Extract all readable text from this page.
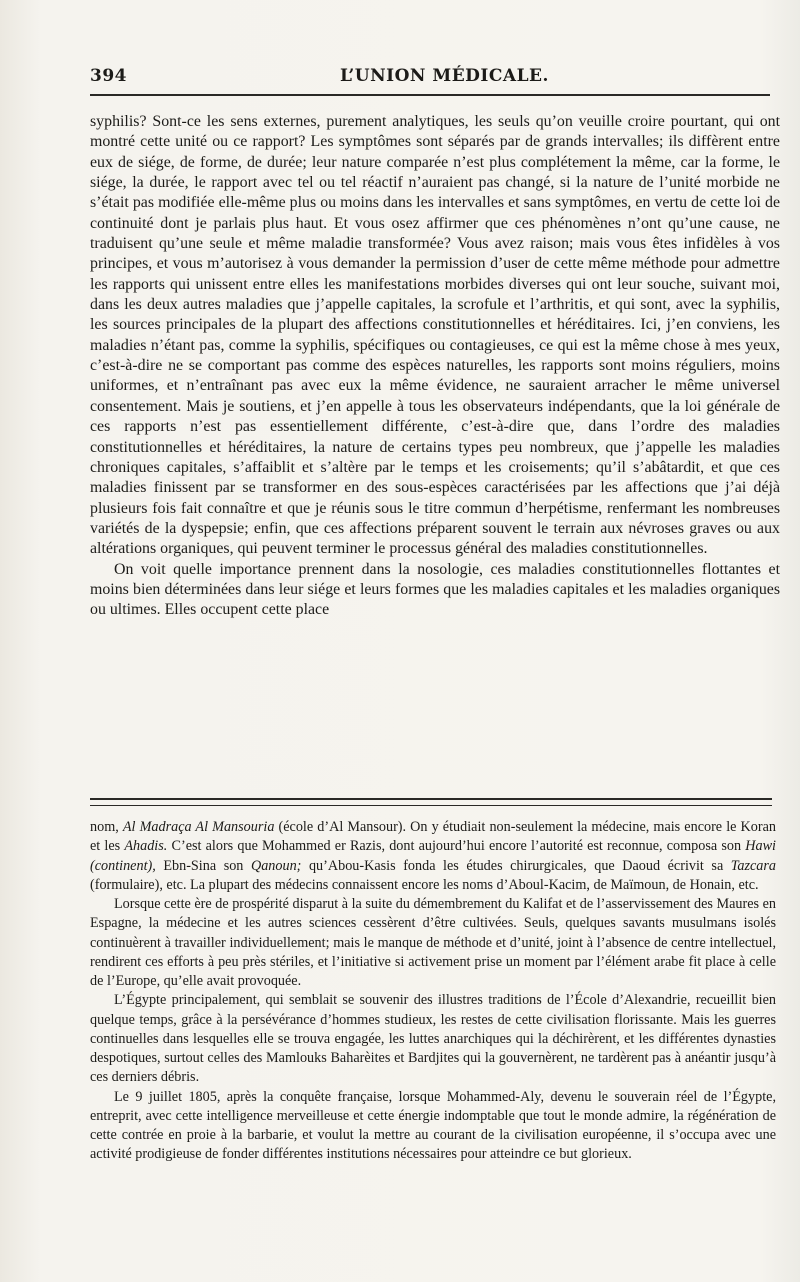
394	L’UNION MÉDICALE.

syphilis? Sont-ce les sens externes, purement analytiques, les seuls qu’on veuille croire pourtant, qui ont montré cette unité ou ce rapport? Les symptômes sont séparés par de grands intervalles; ils diffèrent entre eux de siége, de forme, de durée; leur nature comparée n’est plus complétement la même, car la forme, le siége, la durée, le rapport avec tel ou tel réactif n’auraient pas changé, si la nature de l’unité morbide ne s’était pas modifiée elle-même plus ou moins dans les intervalles et sans symptômes, en vertu de cette loi de continuité dont je parlais plus haut. Et vous osez affirmer que ces phénomènes n’ont qu’une cause, ne traduisent qu’une seule et même maladie transformée? Vous avez raison; mais vous êtes infidèles à vos principes, et vous m’autorisez à vous demander la permission d’user de cette même méthode pour admettre les rapports qui unissent entre elles les manifestations morbides diverses qui ont leur souche, suivant moi, dans les deux autres maladies que j’appelle capitales, la scrofule et l’arthritis, et qui sont, avec la syphilis, les sources principales de la plupart des affections constitutionnelles et héréditaires. Ici, j’en conviens, les maladies n’étant pas, comme la syphilis, spécifiques ou contagieuses, ce qui est la même chose à mes yeux, c’est-à-dire ne se comportant pas comme des espèces naturelles, les rapports sont moins réguliers, moins uniformes, et n’entraînant pas avec eux la même évidence, ne sauraient arracher le même universel consentement. Mais je soutiens, et j’en appelle à tous les observateurs indépendants, que la loi générale de ces rapports n’est pas essentiellement différente, c’est-à-dire que, dans l’ordre des maladies constitutionnelles et héréditaires, la nature de certains types peu nombreux, que j’appelle les maladies chroniques capitales, s’affaiblit et s’altère par le temps et les croisements; qu’il s’abâtardit, et que ces maladies finissent par se transformer en des sous-espèces caractérisées par les affections que j’ai déjà plusieurs fois fait connaître et que je réunis sous le titre commun d’herpétisme, renfermant les nombreuses variétés de la dyspepsie; enfin, que ces affections préparent souvent le terrain aux névroses graves ou aux altérations organiques, qui peuvent terminer le processus général des maladies constitutionnelles.

On voit quelle importance prennent dans la nosologie, ces maladies constitutionnelles flottantes et moins bien déterminées dans leur siége et leurs formes que les maladies capitales et les maladies organiques ou ultimes. Elles occupent cette place

nom, Al Madraça Al Mansouria (école d’Al Mansour). On y étudiait non-seulement la médecine, mais encore le Koran et les Ahadis. C’est alors que Mohammed er Razis, dont aujourd’hui encore l’autorité est reconnue, composa son Hawi (continent), Ebn-Sina son Qanoun; qu’Abou-Kasis fonda les études chirurgicales, que Daoud écrivit sa Tazcara (formulaire), etc. La plupart des médecins connaissent encore les noms d’Aboul-Kacim, de Maïmoun, de Honain, etc.

Lorsque cette ère de prospérité disparut à la suite du démembrement du Kalifat et de l’asservissement des Maures en Espagne, la médecine et les autres sciences cessèrent d’être cultivées. Seuls, quelques savants musulmans isolés continuèrent à travailler individuellement; mais le manque de méthode et d’unité, joint à l’absence de centre intellectuel, rendirent ces efforts à peu près stériles, et l’initiative si activement prise un moment par l’élément arabe fit place à celle de l’Europe, qu’elle avait provoquée.

L’Égypte principalement, qui semblait se souvenir des illustres traditions de l’École d’Alexandrie, recueillit bien quelque temps, grâce à la persévérance d’hommes studieux, les restes de cette civilisation florissante. Mais les guerres continuelles dans lesquelles elle se trouva engagée, les luttes anarchiques qui la déchirèrent, et les différentes dynasties despotiques, surtout celles des Mamlouks Baharèites et Bardjites qui la gouvernèrent, ne tardèrent pas à anéantir jusqu’à ces derniers débris.

Le 9 juillet 1805, après la conquête française, lorsque Mohammed-Aly, devenu le souverain réel de l’Égypte, entreprit, avec cette intelligence merveilleuse et cette énergie indomptable que tout le monde admire, la régénération de cette contrée en proie à la barbarie, et voulut la mettre au courant de la civilisation européenne, il s’occupa avec une activité prodigieuse de fonder différentes institutions nécessaires pour atteindre ce but glorieux.
